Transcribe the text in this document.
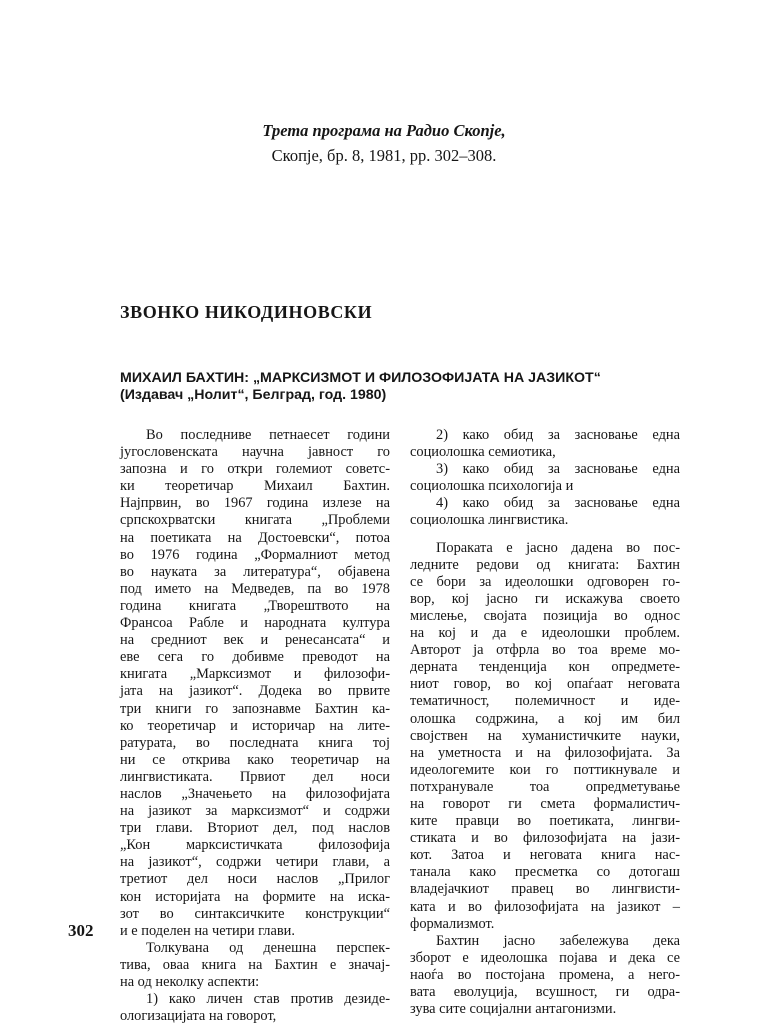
Трета програма на Радио Скопје,
Скопје, бр. 8, 1981, pp. 302–308.
ЗВОНКО НИКОДИНОВСКИ
МИХАИЛ БАХТИН: „МАРКСИЗМОТ И ФИЛОЗОФИЈАТА НА ЈАЗИКОТ“
(Издавач „Нолит“, Белград, год. 1980)
Во последниве петнаесет години
југословенската научна јавност го
запозна и го откри големиот советс-
ки теоретичар Михаил Бахтин.
Најпрвин, во 1967 година излезе на
српскохрватски книгата „Проблеми
на поетиката на Достоевски“, потоа
во 1976 година „Формалниот метод
во науката за литература“, објавена
под името на Медведев, па во 1978
година книгата „Творештвото на
Франсоа Рабле и народната култура
на средниот век и ренесансата“ и
еве сега го добивме преводот на
книгата „Марксизмот и филозофи-
јата на јазикот“. Додека во првите
три книги го запознавме Бахтин ка-
ко теоретичар и историчар на лите-
ратурата, во последната книга тој
ни се открива како теоретичар на
лингвистиката. Првиот дел носи
наслов „Значењето на филозофијата
на јазикот за марксизмот“ и содржи
три глави. Вториот дел, под наслов
„Кон марксистичката филозофија
на јазикот“, содржи четири глави, а
третиот дел носи наслов „Прилог
кон историјата на формите на иска-
зот во синтаксичките конструкции“
и е поделен на четири глави.
Толкувана од денешна перспек-
тива, оваа книга на Бахтин е значај-
на од неколку аспекти:
1) како личен став против дезиде-
ологизацијата на говорот,
2) како обид за засновање една
социолошка семиотика,
3) како обид за засновање една
социолошка психологија и
4) како обид за засновање една
социолошка лингвистика.
Пораката е јасно дадена во пос-
ледните редови од книгата: Бахтин
се бори за идеолошки одговорен го-
вор, кој јасно ги искажува своето
мислење, својата позиција во однос
на кој и да е идеолошки проблем.
Авторот ја отфрла во тоа време мо-
дерната тенденција кон опредмете-
ниот говор, во кој опаѓаат неговата
тематичност, полемичност и иде-
олошка содржина, а кој им бил
својствен на хуманистичките науки,
на уметноста и на филозофијата. За
идеологемите кои го поттикнувале и
потхранувале тоа опредметување
на говорот ги смета формалистич-
ките правци во поетиката, лингви-
стиката и во филозофијата на јази-
кот. Затоа и неговата книга нас-
танала како пресметка со дотогаш
владејачкиот правец во лингвисти-
ката и во филозофијата на јазикот –
формализмот.
Бахтин јасно забележува дека
зборот е идеолошка појава и дека се
наоѓа во постојана промена, а него-
вата еволуција, всушност, ги одра-
зува сите социјални антагонизми.
302
